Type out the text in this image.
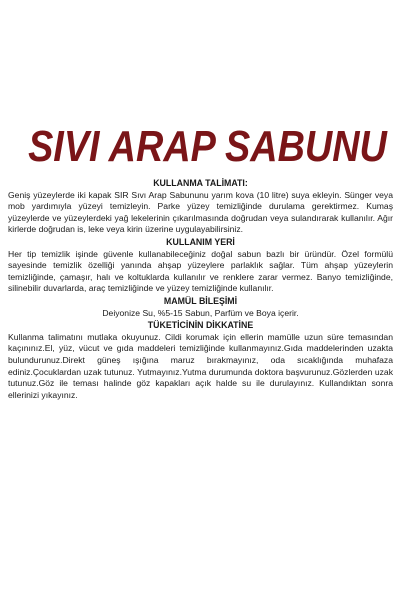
SIVI ARAP SABUNU
KULLANMA TALİMATI:

Geniş yüzeylerde iki kapak SIR Sıvı Arap Sabununu yarım kova (10 litre) suya ekleyin. Sünger veya mob yardımıyla yüzeyi temizleyin. Parke yüzey temizliğinde durulama gerektirmez. Kumaş yüzeylerde ve yüzeylerdeki yağ lekelerinin çıkarılmasında doğrudan veya sulandırarak kullanılır. Ağır kirlerde doğrudan is, leke veya kirin üzerine uygulayabilirsiniz.

KULLANIM YERİ

Her tip temizlik işinde güvenle kullanabileceğiniz doğal sabun bazlı bir üründür. Özel formülü sayesinde temizlik özelliği yanında ahşap yüzeylere parlaklık sağlar. Tüm ahşap yüzeylerin temizliğinde, çamaşır, halı ve koltuklarda kullanılır ve renklere zarar vermez. Banyo temizliğinde, silinebilir duvarlarda, araç temizliğinde ve yüzey temizliğinde kullanılır.

MAMÜL BİLEŞİMİ

Deiyonize Su, %5-15 Sabun, Parfüm ve Boya içerir.

TÜKETİCİNİN DİKKATİNE

Kullanma talimatını mutlaka okuyunuz. Cildi korumak için ellerin mamülle uzun süre temasından kaçınınız.El, yüz, vücut ve gıda maddeleri temizliğinde kullanmayınız.Gıda maddelerinden uzakta bulundurunuz.Direkt güneş ışığına maruz bırakmayınız, oda sıcaklığında muhafaza ediniz.Çocuklardan uzak tutunuz. Yutmayınız.Yutma durumunda doktora başvurunuz.Gözlerden uzak tutunuz.Göz ile teması halinde göz kapakları açık halde su ile durulayınız. Kullandıktan sonra ellerinizi yıkayınız.
